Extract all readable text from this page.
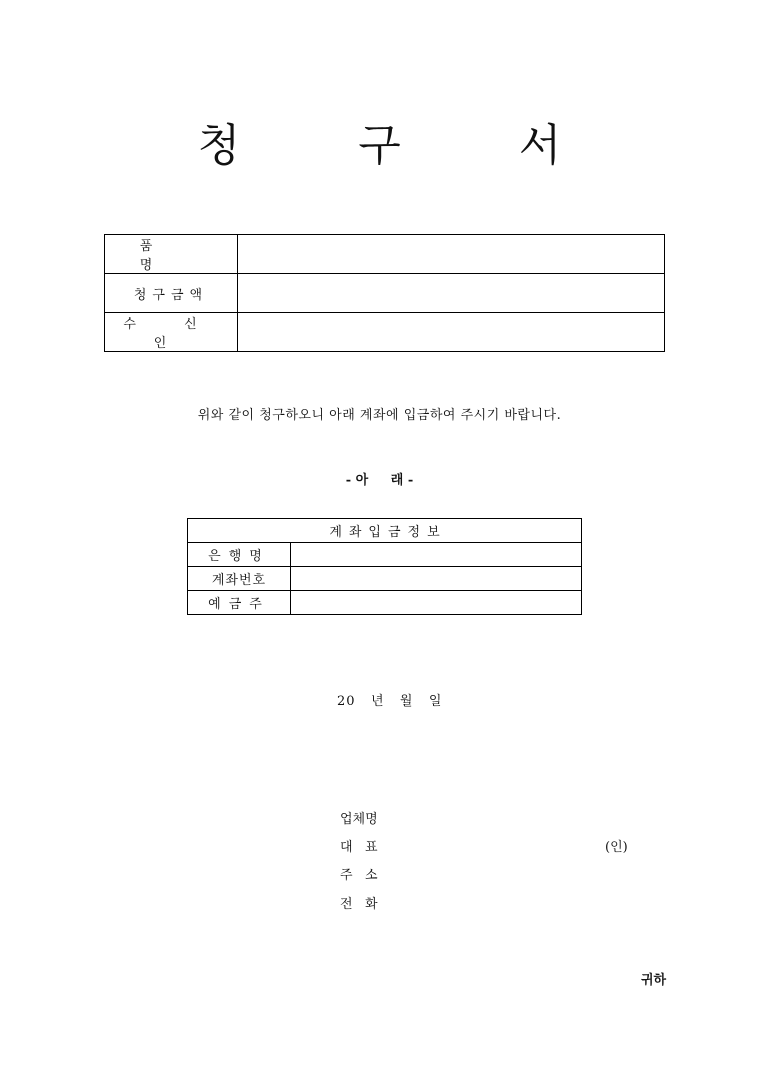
청 구 서
품 명	
청구금액	
수 신 인	
위와 같이 청구하오니 아래 계좌에 입금하여 주시기 바랍니다.
- 아     래 -
계좌입금정보	
은행명	
계좌번호	
예금주	
20   년   월   일
업체명
대   표	(인)
주   소
전   화
귀하
